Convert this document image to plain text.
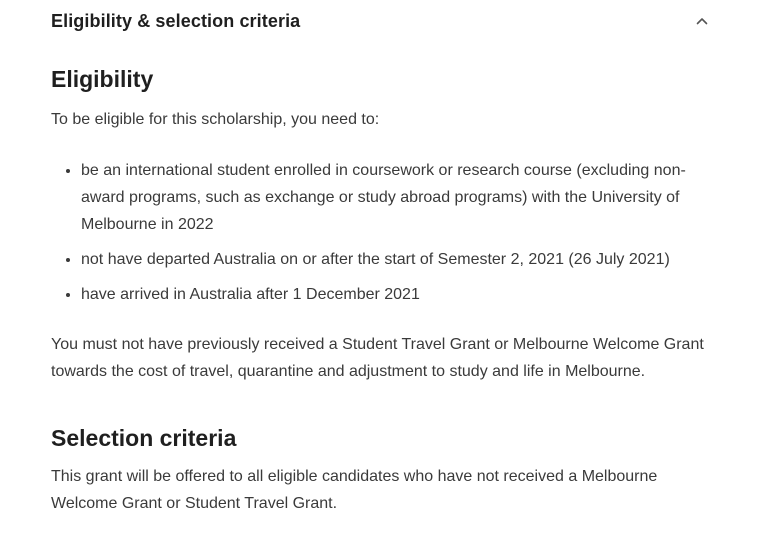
Eligibility & selection criteria
Eligibility

To be eligible for this scholarship, you need to:

• be an international student enrolled in coursework or research course (excluding non-award programs, such as exchange or study abroad programs) with the University of Melbourne in 2022
• not have departed Australia on or after the start of Semester 2, 2021 (26 July 2021)
• have arrived in Australia after 1 December 2021

You must not have previously received a Student Travel Grant or Melbourne Welcome Grant towards the cost of travel, quarantine and adjustment to study and life in Melbourne.

Selection criteria

This grant will be offered to all eligible candidates who have not received a Melbourne Welcome Grant or Student Travel Grant.
